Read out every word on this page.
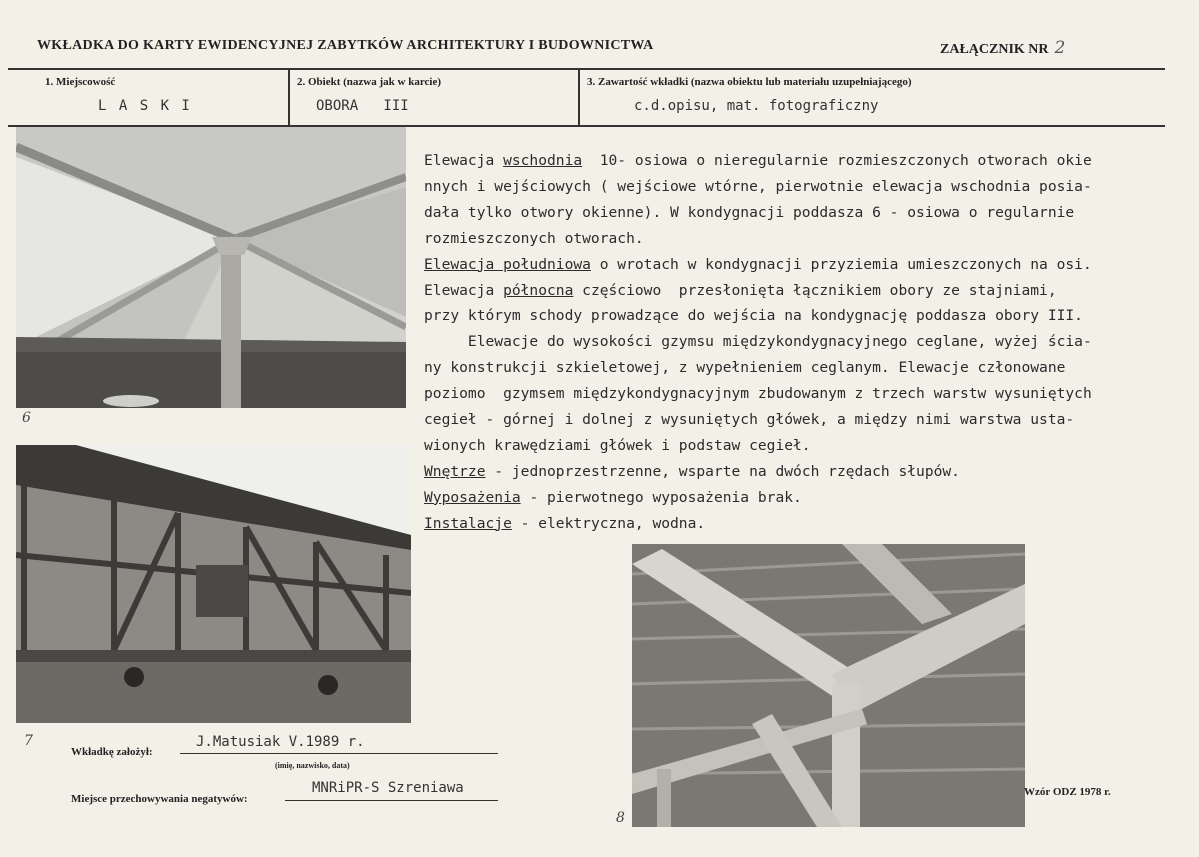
WKŁADKA DO KARTY EWIDENCYJNEJ ZABYTKÓW ARCHITEKTURY I BUDOWNICTWA	ZAŁĄCZNIK NR 2
1. Miejscowość
L A S K I
2. Obiekt (nazwa jak w karcie)
OBORA   III
3. Zawartość wkładki (nazwa obiektu lub materiału uzupełniającego)
c.d.opisu, mat. fotograficzny
6
7
8
Elewacja wschodnia  10- osiowa o nieregularnie rozmieszczonych otworach okie
nnych i wejściowych ( wejściowe wtórne, pierwotnie elewacja wschodnia posia-
dała tylko otwory okienne). W kondygnacji poddasza 6 - osiowa o regularnie
rozmieszczonych otworach.
Elewacja południowa o wrotach w kondygnacji przyziemia umieszczonych na osi.
Elewacja północna częściowo  przesłonięta łącznikiem obory ze stajniami,
przy którym schody prowadzące do wejścia na kondygnację poddasza obory III.
Elewacje do wysokości gzymsu międzykondygnacyjnego ceglane, wyżej ścia-
ny konstrukcji szkieletowej, z wypełnieniem ceglanym. Elewacje członowane
poziomo  gzymsem międzykondygnacyjnym zbudowanym z trzech warstw wysuniętych
cegieł - górnej i dolnej z wysuniętych główek, a między nimi warstwa usta-
wionych krawędziami główek i podstaw cegieł.
Wnętrze - jednoprzestrzenne, wsparte na dwóch rzędach słupów.
Wyposażenia - pierwotnego wyposażenia brak.
Instalacje - elektryczna, wodna.
Wkładkę założył:
J.Matusiak V.1989 r.
(imię, nazwisko, data)
Miejsce przechowywania negatywów:
MNRiPR-S Szreniawa	Wzór ODZ 1978 r.
